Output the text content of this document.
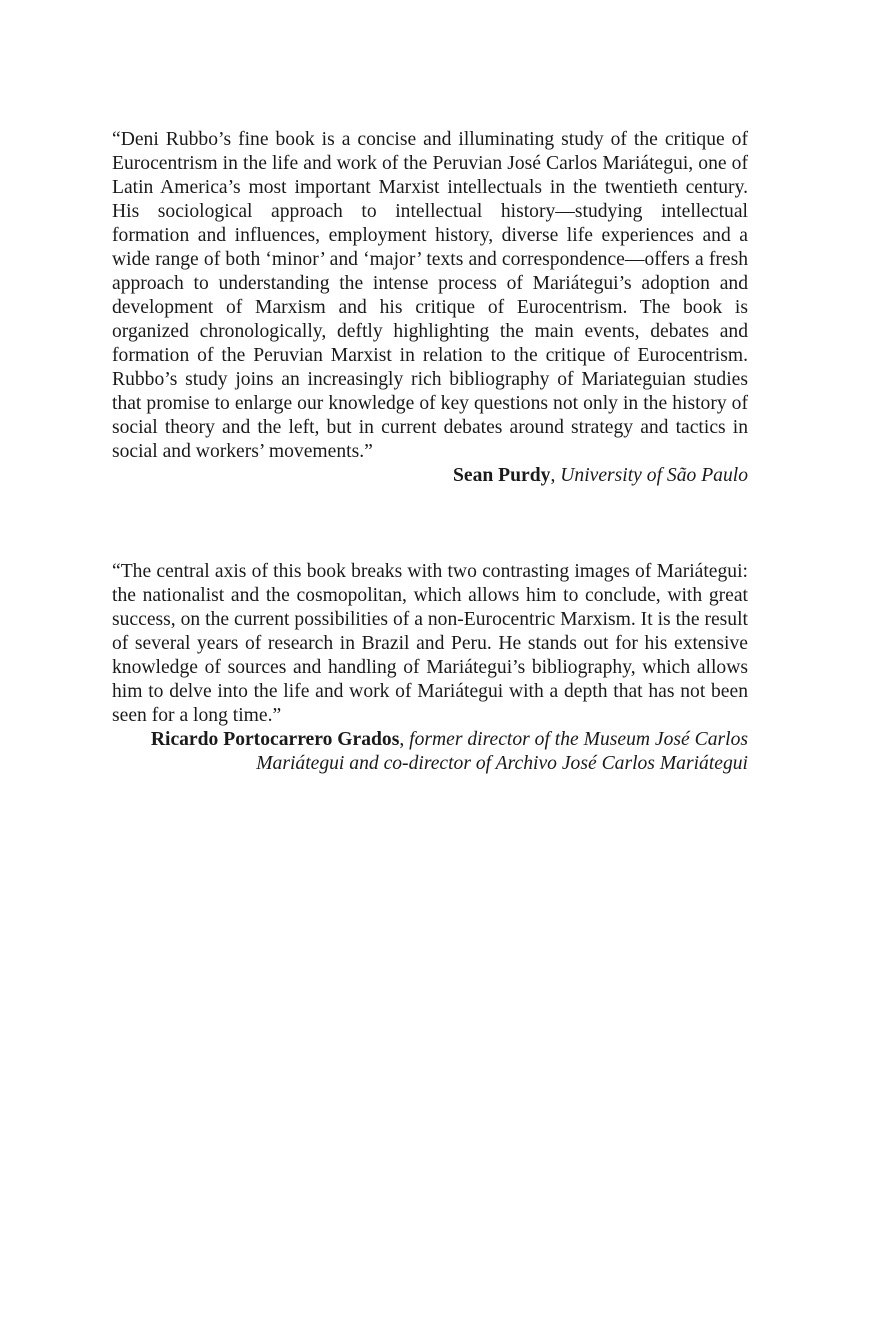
“Deni Rubbo’s fine book is a concise and illuminating study of the critique of Eurocentrism in the life and work of the Peruvian José Carlos Mariátegui, one of Latin America’s most important Marxist intellectuals in the twentieth century. His sociological approach to intellectual history—studying intellectual formation and influences, employment history, diverse life experiences and a wide range of both ‘minor’ and ‘major’ texts and correspondence—offers a fresh approach to understanding the intense process of Mariátegui’s adoption and development of Marxism and his critique of Eurocentrism. The book is organized chronologically, deftly highlighting the main events, debates and formation of the Peruvian Marxist in relation to the critique of Eurocentrism. Rubbo’s study joins an increasingly rich bibliography of Mariateguian studies that promise to enlarge our knowledge of key questions not only in the history of social theory and the left, but in current debates around strategy and tactics in social and workers’ movements.”

Sean Purdy, University of São Paulo

“The central axis of this book breaks with two contrasting images of Mariátegui: the nationalist and the cosmopolitan, which allows him to conclude, with great success, on the current possibilities of a non-Eurocentric Marxism. It is the result of several years of research in Brazil and Peru. He stands out for his extensive knowledge of sources and handling of Mariátegui’s bibliography, which allows him to delve into the life and work of Mariátegui with a depth that has not been seen for a long time.”

Ricardo Portocarrero Grados, former director of the Museum José Carlos Mariátegui and co-director of Archivo José Carlos Mariátegui
